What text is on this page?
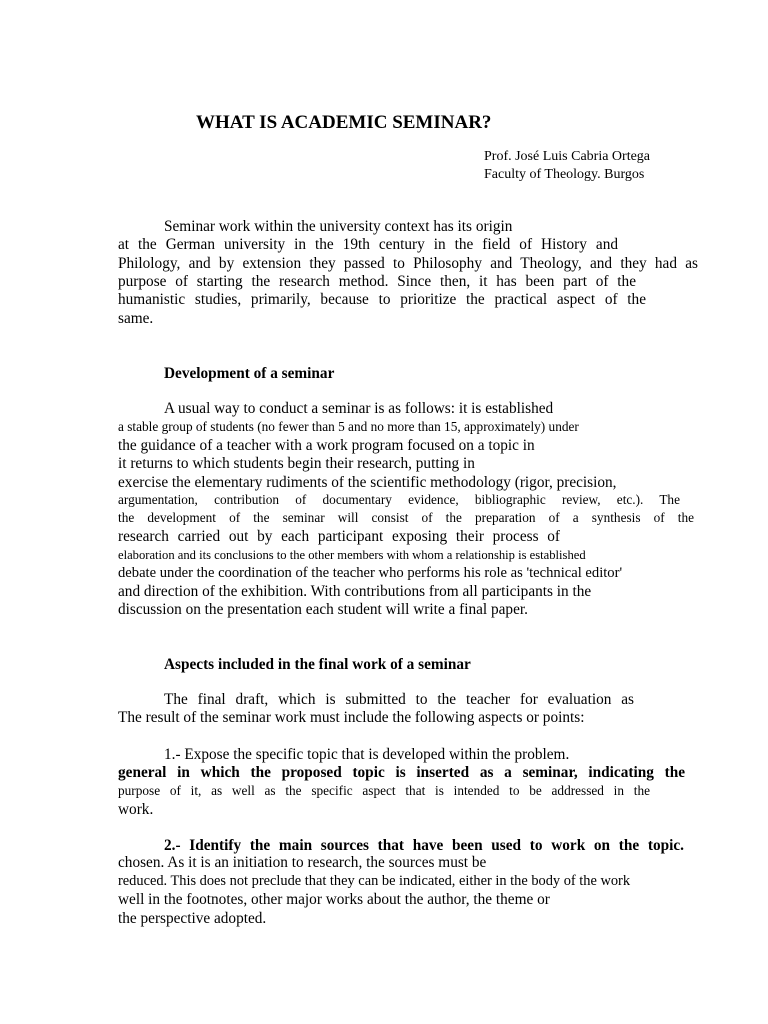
WHAT IS ACADEMIC SEMINAR?
Prof. José Luis Cabria Ortega
Faculty of Theology. Burgos
Seminar work within the university context has its origin
at the German university in the 19th century in the field of History and
Philology, and by extension they passed to Philosophy and Theology, and they had as
purpose of starting the research method. Since then, it has been part of the
humanistic studies, primarily, because to prioritize the practical aspect of the
same.
Development of a seminar
A usual way to conduct a seminar is as follows: it is established
a stable group of students (no fewer than 5 and no more than 15, approximately) under
the guidance of a teacher with a work program focused on a topic in
it returns to which students begin their research, putting in
exercise the elementary rudiments of the scientific methodology (rigor, precision,
argumentation, contribution of documentary evidence, bibliographic review, etc.). The
the development of the seminar will consist of the preparation of a synthesis of the
research carried out by each participant exposing their process of
elaboration and its conclusions to the other members with whom a relationship is established
debate under the coordination of the teacher who performs his role as 'technical editor'
and direction of the exhibition. With contributions from all participants in the
discussion on the presentation each student will write a final paper.
Aspects included in the final work of a seminar
The final draft, which is submitted to the teacher for evaluation as
The result of the seminar work must include the following aspects or points:
1.- Expose the specific topic that is developed within the problem.
general in which the proposed topic is inserted as a seminar, indicating the
purpose of it, as well as the specific aspect that is intended to be addressed in the
work.
2.- Identify the main sources that have been used to work on the topic.
chosen. As it is an initiation to research, the sources must be
reduced. This does not preclude that they can be indicated, either in the body of the work
well in the footnotes, other major works about the author, the theme or
the perspective adopted.
